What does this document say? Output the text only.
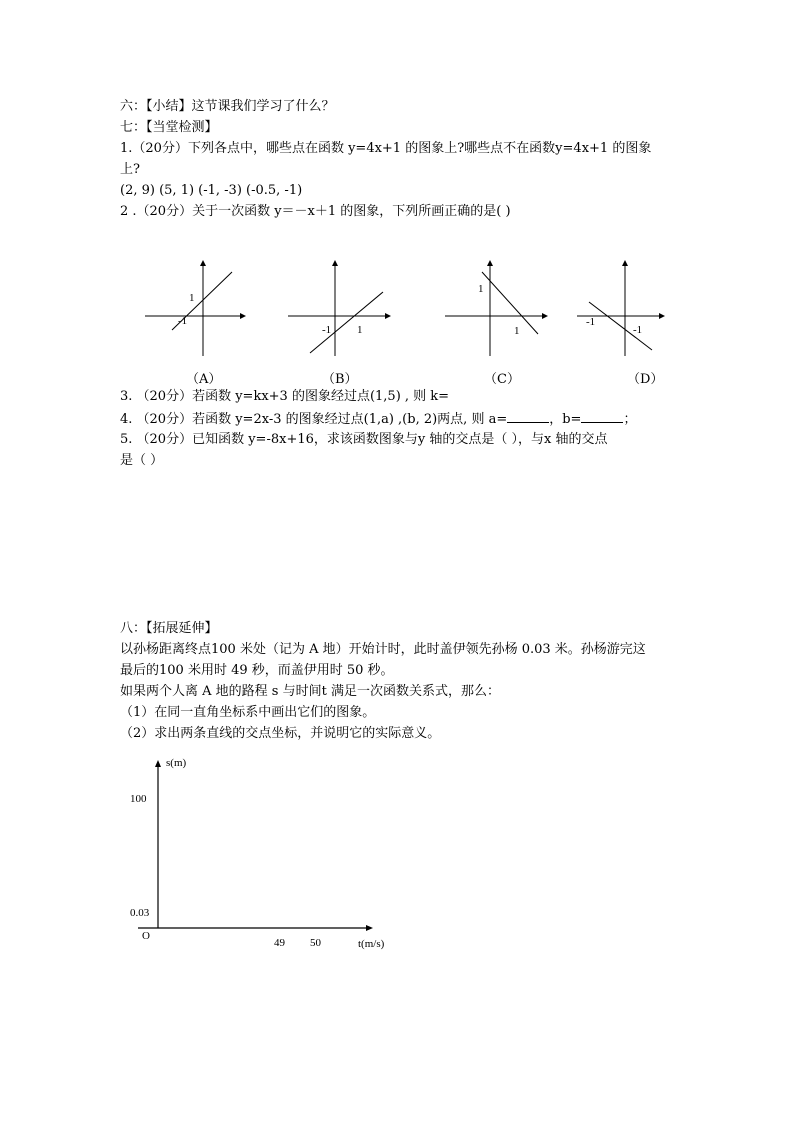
六：【小结】这节课我们学习了什么？
七：【当堂检测】
1.（20分）下列各点中，哪些点在函数 y=4x+1 的图象上?哪些点不在函数y=4x+1 的图象
上?
(2, 9) (5, 1) (-1, -3) (-0.5, -1)
2 .（20分）关于一次函数 y＝－x＋1 的图象，下列所画正确的是( )
1
-1
（A）
-1 1
（B）
1
1
（C）
-1
-1
（D）
3. （20分）若函数 y=kx+3 的图象经过点(1,5) , 则 k=
4. （20分）若函数 y=2x-3 的图象经过点(1,a) ,(b, 2)两点, 则 a=	，b=	；
5. （20分）已知函数 y=-8x+16，求该函数图象与y 轴的交点是（ ），与x 轴的交点
是（ ）
八：【拓展延伸】
以孙杨距离终点100 米处（记为 A 地）开始计时，此时盖伊领先孙杨 0.03 米。孙杨游完这
最后的100 米用时 49 秒，而盖伊用时 50 秒。
如果两个人离 A 地的路程 s 与时间t 满足一次函数关系式，那么：
（1）在同一直角坐标系中画出它们的图象。
（2）求出两条直线的交点坐标，并说明它的实际意义。
s(m)
100
0.03
O
49 50	t(m/s)
